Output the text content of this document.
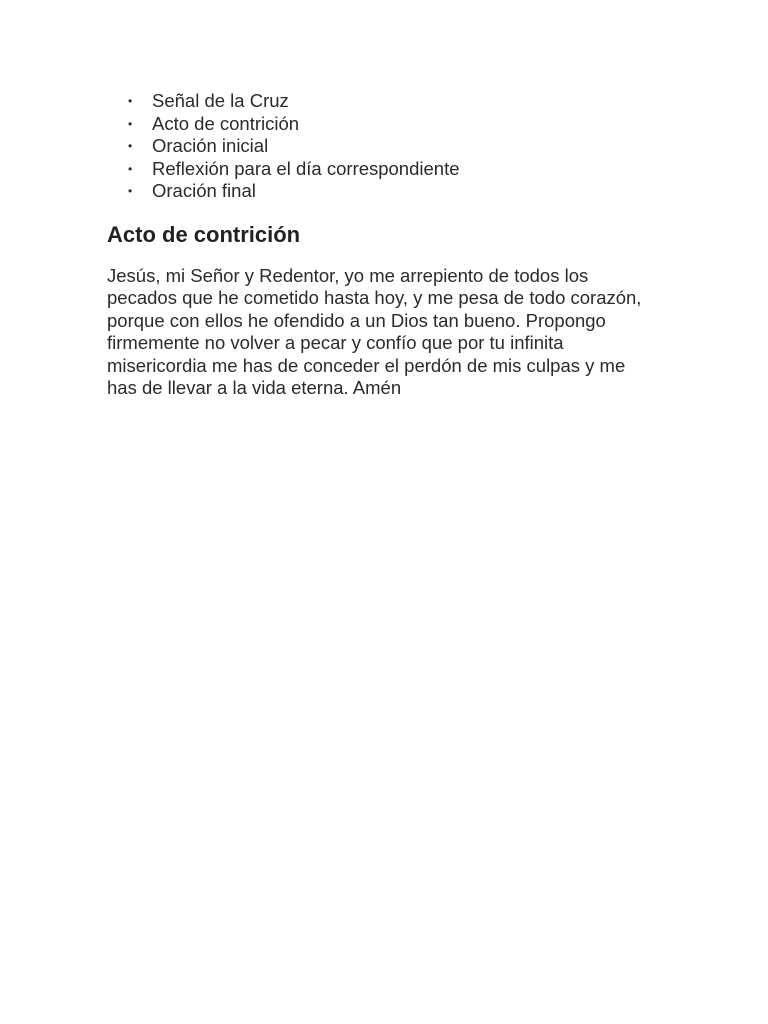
• Señal de la Cruz
• Acto de contrición
• Oración inicial
• Reflexión para el día correspondiente
• Oración final
Acto de contrición

Jesús, mi Señor y Redentor, yo me arrepiento de todos los
pecados que he cometido hasta hoy, y me pesa de todo corazón,
porque con ellos he ofendido a un Dios tan bueno. Propongo
firmemente no volver a pecar y confío que por tu infinita
misericordia me has de conceder el perdón de mis culpas y me
has de llevar a la vida eterna. Amén
